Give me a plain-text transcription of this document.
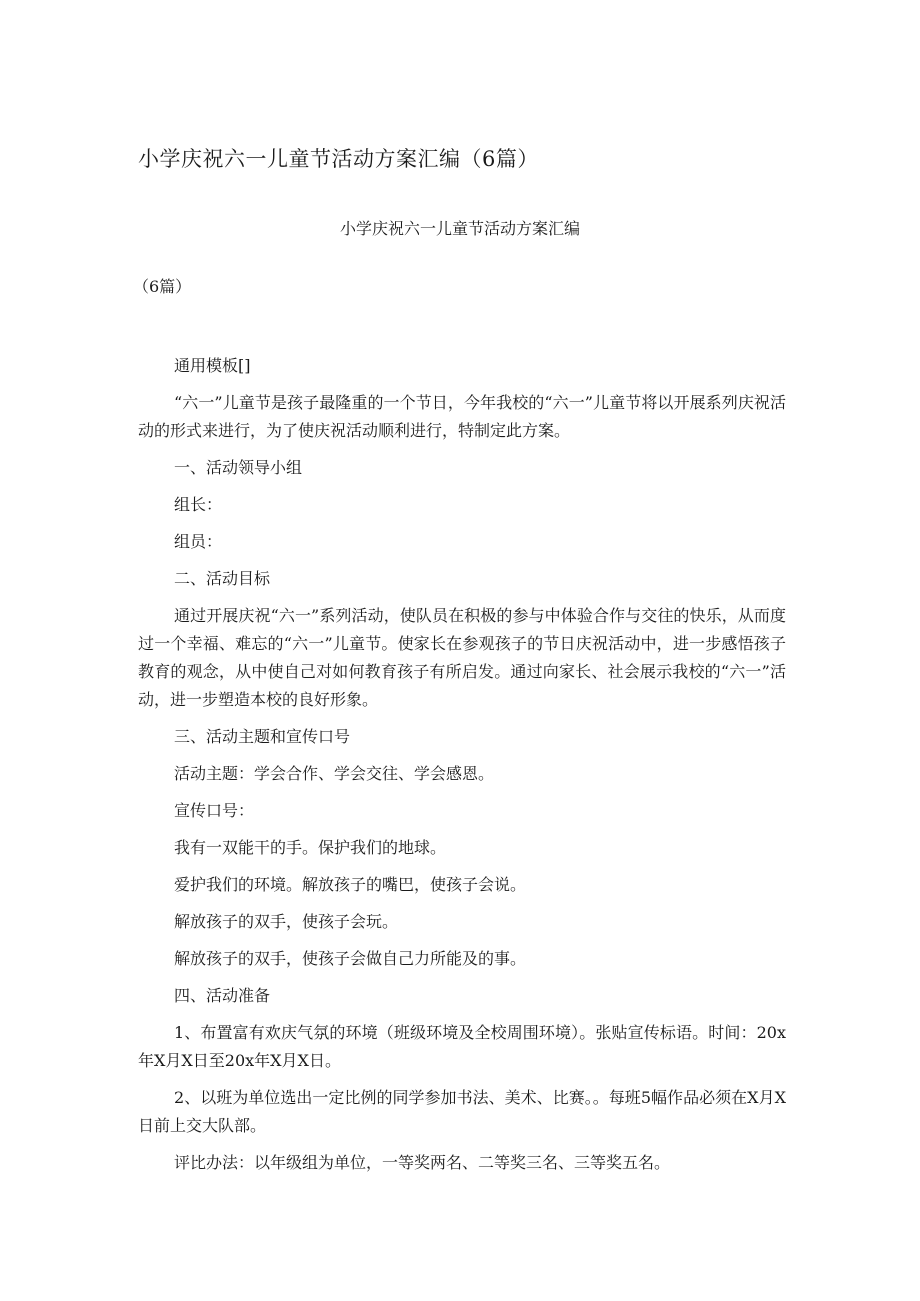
小学庆祝六一儿童节活动方案汇编（6篇）

小学庆祝六一儿童节活动方案汇编

（6篇）

通用模板[]

“六一”儿童节是孩子最隆重的一个节日，今年我校的“六一”儿童节将以开展系列庆祝活动的形式来进行，为了使庆祝活动顺利进行，特制定此方案。

一、活动领导小组

组长：

组员：

二、活动目标

通过开展庆祝“六一”系列活动，使队员在积极的参与中体验合作与交往的快乐，从而度过一个幸福、难忘的“六一”儿童节。使家长在参观孩子的节日庆祝活动中，进一步感悟孩子教育的观念，从中使自己对如何教育孩子有所启发。通过向家长、社会展示我校的“六一”活动，进一步塑造本校的良好形象。

三、活动主题和宣传口号

活动主题：学会合作、学会交往、学会感恩。

宣传口号：

我有一双能干的手。保护我们的地球。

爱护我们的环境。解放孩子的嘴巴，使孩子会说。

解放孩子的双手，使孩子会玩。

解放孩子的双手，使孩子会做自己力所能及的事。

四、活动准备

1、布置富有欢庆气氛的环境（班级环境及全校周围环境）。张贴宣传标语。时间：20x年X月X日至20x年X月X日。

2、以班为单位选出一定比例的同学参加书法、美术、比赛。。每班5幅作品必须在X月X日前上交大队部。

评比办法：以年级组为单位，一等奖两名、二等奖三名、三等奖五名。
